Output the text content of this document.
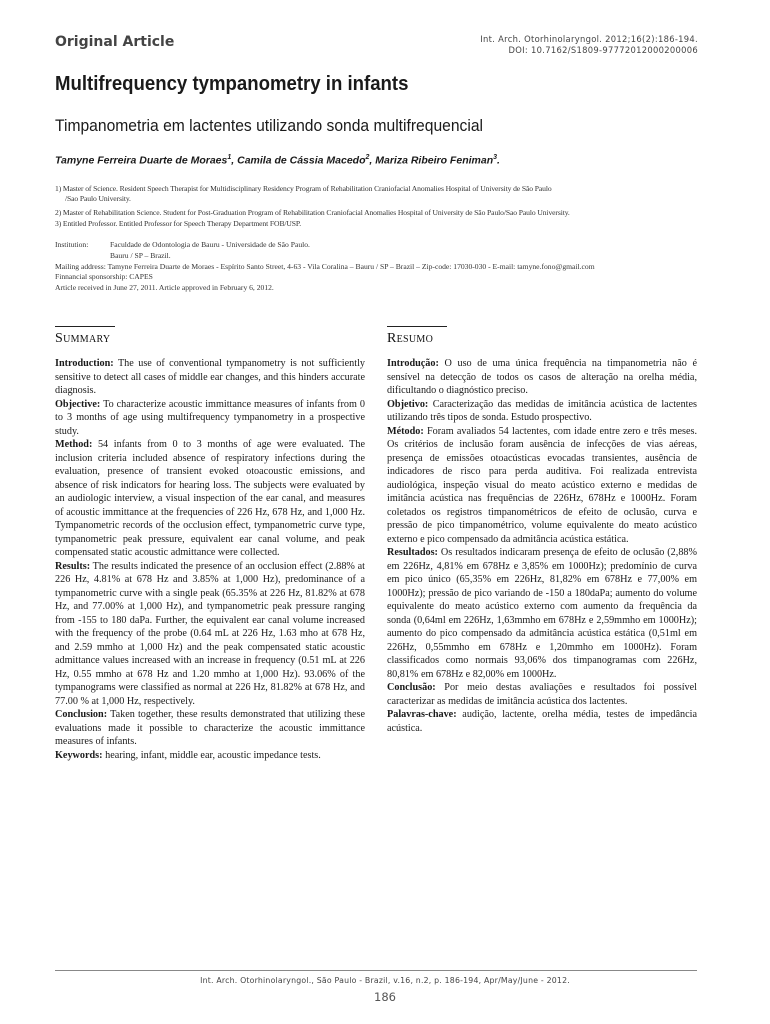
Original Article	Int. Arch. Otorhinolaryngol. 2012;16(2):186-194.
DOI: 10.7162/S1809-97772012000200006
Multifrequency tympanometry in infants
Timpanometria em lactentes utilizando sonda multifrequencial
Tamyne Ferreira Duarte de Moraes$^1$, Camila de Cássia Macedo$^2$, Mariza Ribeiro Feniman$^3$.
1) Master of Science. Resident Speech Therapist for Multidisciplinary Residency Program of Rehabilitation Craniofacial Anomalies Hospital of University de São Paulo
/Sao Paulo University.
2) Master of Rehabilitation Science. Student for Post-Graduation Program of Rehabilitation Craniofacial Anomalies Hospital of University de São Paulo/Sao Paulo University.
3) Entitled Professor. Entitled Professor for Speech Therapy Department FOB/USP.
Institution:	Faculdade de Odontologia de Bauru - Universidade de São Paulo.
Bauru / SP – Brazil.
Mailing address: Tamyne Ferreira Duarte de Moraes - Espírito Santo Street, 4-63 - Vila Coralina – Bauru / SP – Brazil – Zip-code: 17030-030 - E-mail: tamyne.fono@gmail.com
Finnancial sponsorship: CAPES
Article received in June 27, 2011. Article approved in February 6, 2012.
Summary

Introduction: The use of conventional tympanometry is not sufficiently sensitive to detect all cases of middle ear changes, and this hinders accurate diagnosis.

Objective: To characterize acoustic immittance measures of infants from 0 to 3 months of age using multifrequency tympanometry in a prospective study.

Method: 54 infants from 0 to 3 months of age were evaluated. The inclusion criteria included absence of respiratory infections during the evaluation, presence of transient evoked otoacoustic emissions, and absence of risk indicators for hearing loss. The subjects were evaluated by an audiologic interview, a visual inspection of the ear canal, and measures of acoustic immittance at the frequencies of 226 Hz, 678 Hz, and 1,000 Hz. Tympanometric records of the occlusion effect, tympanometric curve type, tympanometric peak pressure, equivalent ear canal volume, and peak compensated static acoustic admittance were collected.

Results: The results indicated the presence of an occlusion effect (2.88% at 226 Hz, 4.81% at 678 Hz and 3.85% at 1,000 Hz), predominance of a tympanometric curve with a single peak (65.35% at 226 Hz, 81.82% at 678 Hz, and 77.00% at 1,000 Hz), and tympanometric peak pressure ranging from -155 to 180 daPa. Further, the equivalent ear canal volume increased with the frequency of the probe (0.64 mL at 226 Hz, 1.63 mho at 678 Hz, and 2.59 mmho at 1,000 Hz) and the peak compensated static acoustic admittance values increased with an increase in frequency (0.51 mL at 226 Hz, 0.55 mmho at 678 Hz and 1.20 mmho at 1,000 Hz). 93.06% of the tympanograms were classified as normal at 226 Hz, 81.82% at 678 Hz, and 77.00 % at 1,000 Hz, respectively.

Conclusion: Taken together, these results demonstrated that utilizing these evaluations made it possible to characterize the acoustic immittance measures of infants.

Keywords: hearing, infant, middle ear, acoustic impedance tests.

Resumo

Introdução: O uso de uma única frequência na timpanometria não é sensível na detecção de todos os casos de alteração na orelha média, dificultando o diagnóstico preciso.

Objetivo: Caracterização das medidas de imitância acústica de lactentes utilizando três tipos de sonda. Estudo prospectivo.

Método: Foram avaliados 54 lactentes, com idade entre zero e três meses. Os critérios de inclusão foram ausência de infecções de vias aéreas, presença de emissões otoacústicas evocadas transientes, ausência de indicadores de risco para perda auditiva. Foi realizada entrevista audiológica, inspeção visual do meato acústico externo e medidas de imitância acústica nas frequências de 226Hz, 678Hz e 1000Hz. Foram coletados os registros timpanométricos de efeito de oclusão, curva e pressão de pico timpanométrico, volume equivalente do meato acústico externo e pico compensado da admitância acústica estática.

Resultados: Os resultados indicaram presença de efeito de oclusão (2,88% em 226Hz, 4,81% em 678Hz e 3,85% em 1000Hz); predomínio de curva em pico único (65,35% em 226Hz, 81,82% em 678Hz e 77,00% em 1000Hz); pressão de pico variando de -150 a 180daPa; aumento do volume equivalente do meato acústico externo com aumento da frequência da sonda (0,64ml em 226Hz, 1,63mmho em 678Hz e 2,59mmho em 1000Hz); aumento do pico compensado da admitância acústica estática (0,51ml em 226Hz, 0,55mmho em 678Hz e 1,20mmho em 1000Hz). Foram classificados como normais 93,06% dos timpanogramas com 226Hz, 80,81% em 678Hz e 82,00% em 1000Hz.

Conclusão: Por meio destas avaliações e resultados foi possível caracterizar as medidas de imitância acústica dos lactentes.

Palavras-chave: audição, lactente, orelha média, testes de impedância acústica.

Int. Arch. Otorhinolaryngol., São Paulo - Brazil, v.16, n.2, p. 186-194, Apr/May/June - 2012.
186
